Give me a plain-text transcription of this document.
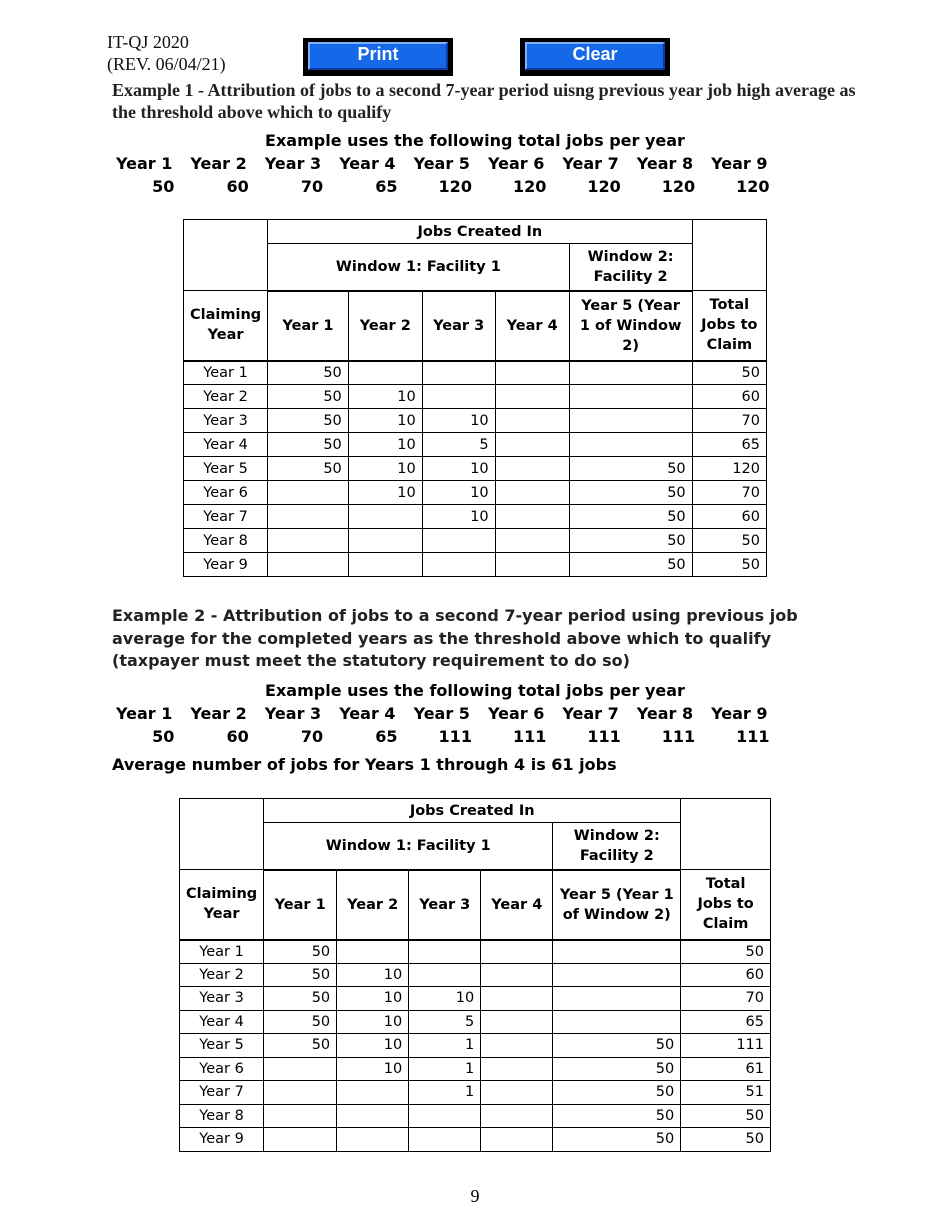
IT-QJ 2020
(REV. 06/04/21)	Print	Clear
Example 1 - Attribution of jobs to a second 7-year period uisng previous year job high average as the threshold above which to qualify
Example uses the following total jobs per year
Year 1	Year 2	Year 3	Year 4	Year 5	Year 6	Year 7	Year 8	Year 9
50	60	70	65	120	120	120	120	120
	Jobs Created In					
	Window 1: Facility 1				Window 2: Facility 2	
Claiming Year	Year 1	Year 2	Year 3	Year 4	Year 5 (Year 1 of Window 2)	Total Jobs to Claim
Year 1	50					50
Year 2	50	10				60
Year 3	50	10	10			70
Year 4	50	10	5			65
Year 5	50	10	10		50	120
Year 6		10	10		50	70
Year 7			10		50	60
Year 8					50	50
Year 9					50	50
Example 2 - Attribution of jobs to a second 7-year period using previous job average for the completed years as the threshold above which to qualify (taxpayer must meet the statutory requirement to do so)
Example uses the following total jobs per year
Year 1	Year 2	Year 3	Year 4	Year 5	Year 6	Year 7	Year 8	Year 9
50	60	70	65	111	111	111	111	111
Average number of jobs for Years 1 through 4 is 61 jobs
	Jobs Created In					
	Window 1: Facility 1				Window 2: Facility 2	
Claiming Year	Year 1	Year 2	Year 3	Year 4	Year 5 (Year 1 of Window 2)	Total Jobs to Claim
Year 1	50					50
Year 2	50	10				60
Year 3	50	10	10			70
Year 4	50	10	5			65
Year 5	50	10	1		50	111
Year 6		10	1		50	61
Year 7			1		50	51
Year 8					50	50
Year 9					50	50
9
